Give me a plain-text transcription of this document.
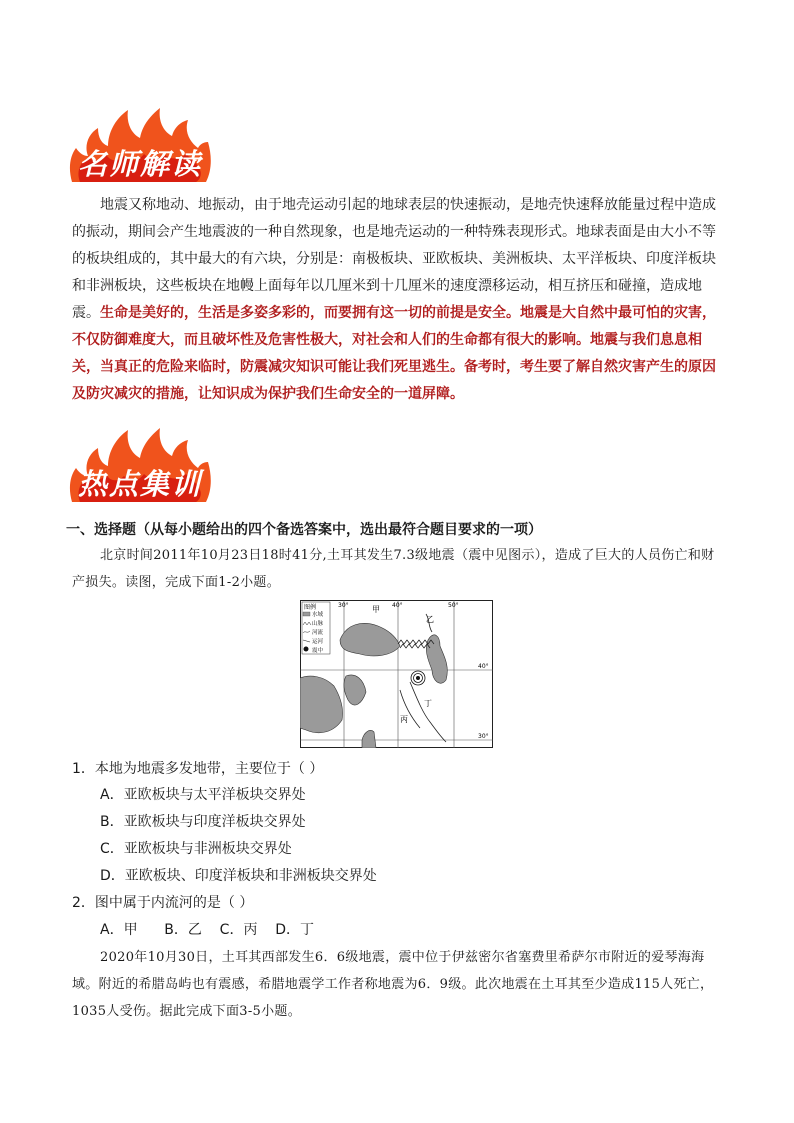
名师解读

地震又称地动、地振动，由于地壳运动引起的地球表层的快速振动，是地壳快速释放能量过程中造成的振动，期间会产生地震波的一种自然现象，也是地壳运动的一种特殊表现形式。地球表面是由大小不等的板块组成的，其中最大的有六块，分别是：南极板块、亚欧板块、美洲板块、太平洋板块、印度洋板块和非洲板块，这些板块在地幔上面每年以几厘米到十几厘米的速度漂移运动，相互挤压和碰撞，造成地震。 生命是美好的，生活是多姿多彩的，而要拥有这一切的前提是安全。地震是大自然中最可怕的灾害，不仅防御难度大，而且破坏性及危害性极大，对社会和人们的生命都有很大的影响。地震与我们息息相关，当真正的危险来临时，防震减灾知识可能让我们死里逃生。备考时，考生要了解自然灾害产生的原因及防灾减灾的措施，让知识成为保护我们生命安全的一道屏障。

热点集训

一、选择题（从每小题给出的四个备选答案中，选出最符合题目要求的一项）

北京时间2011年10月23日18时41分,土耳其发生7.3级地震（震中见图示），造成了巨大的人员伤亡和财产损失。读图，完成下面1-2小题。

图例
水域
山脉
河流
运河
震中
30°	40°	50°
40°
30°
甲
乙
丙
丁

1．本地为地震多发地带，主要位于（ ）

A．亚欧板块与太平洋板块交界处

B．亚欧板块与印度洋板块交界处

C．亚欧板块与非洲板块交界处

D．亚欧板块、印度洋板块和非洲板块交界处

2．图中属于内流河的是（ ）

A．甲      B．乙    C．丙    D．丁

2020年10月30日，土耳其西部发生6．6级地震，震中位于伊兹密尔省塞费里希萨尔市附近的爱琴海海域。附近的希腊岛屿也有震感，希腊地震学工作者称地震为6．9级。此次地震在土耳其至少造成115人死亡，1035人受伤。据此完成下面3-5小题。
